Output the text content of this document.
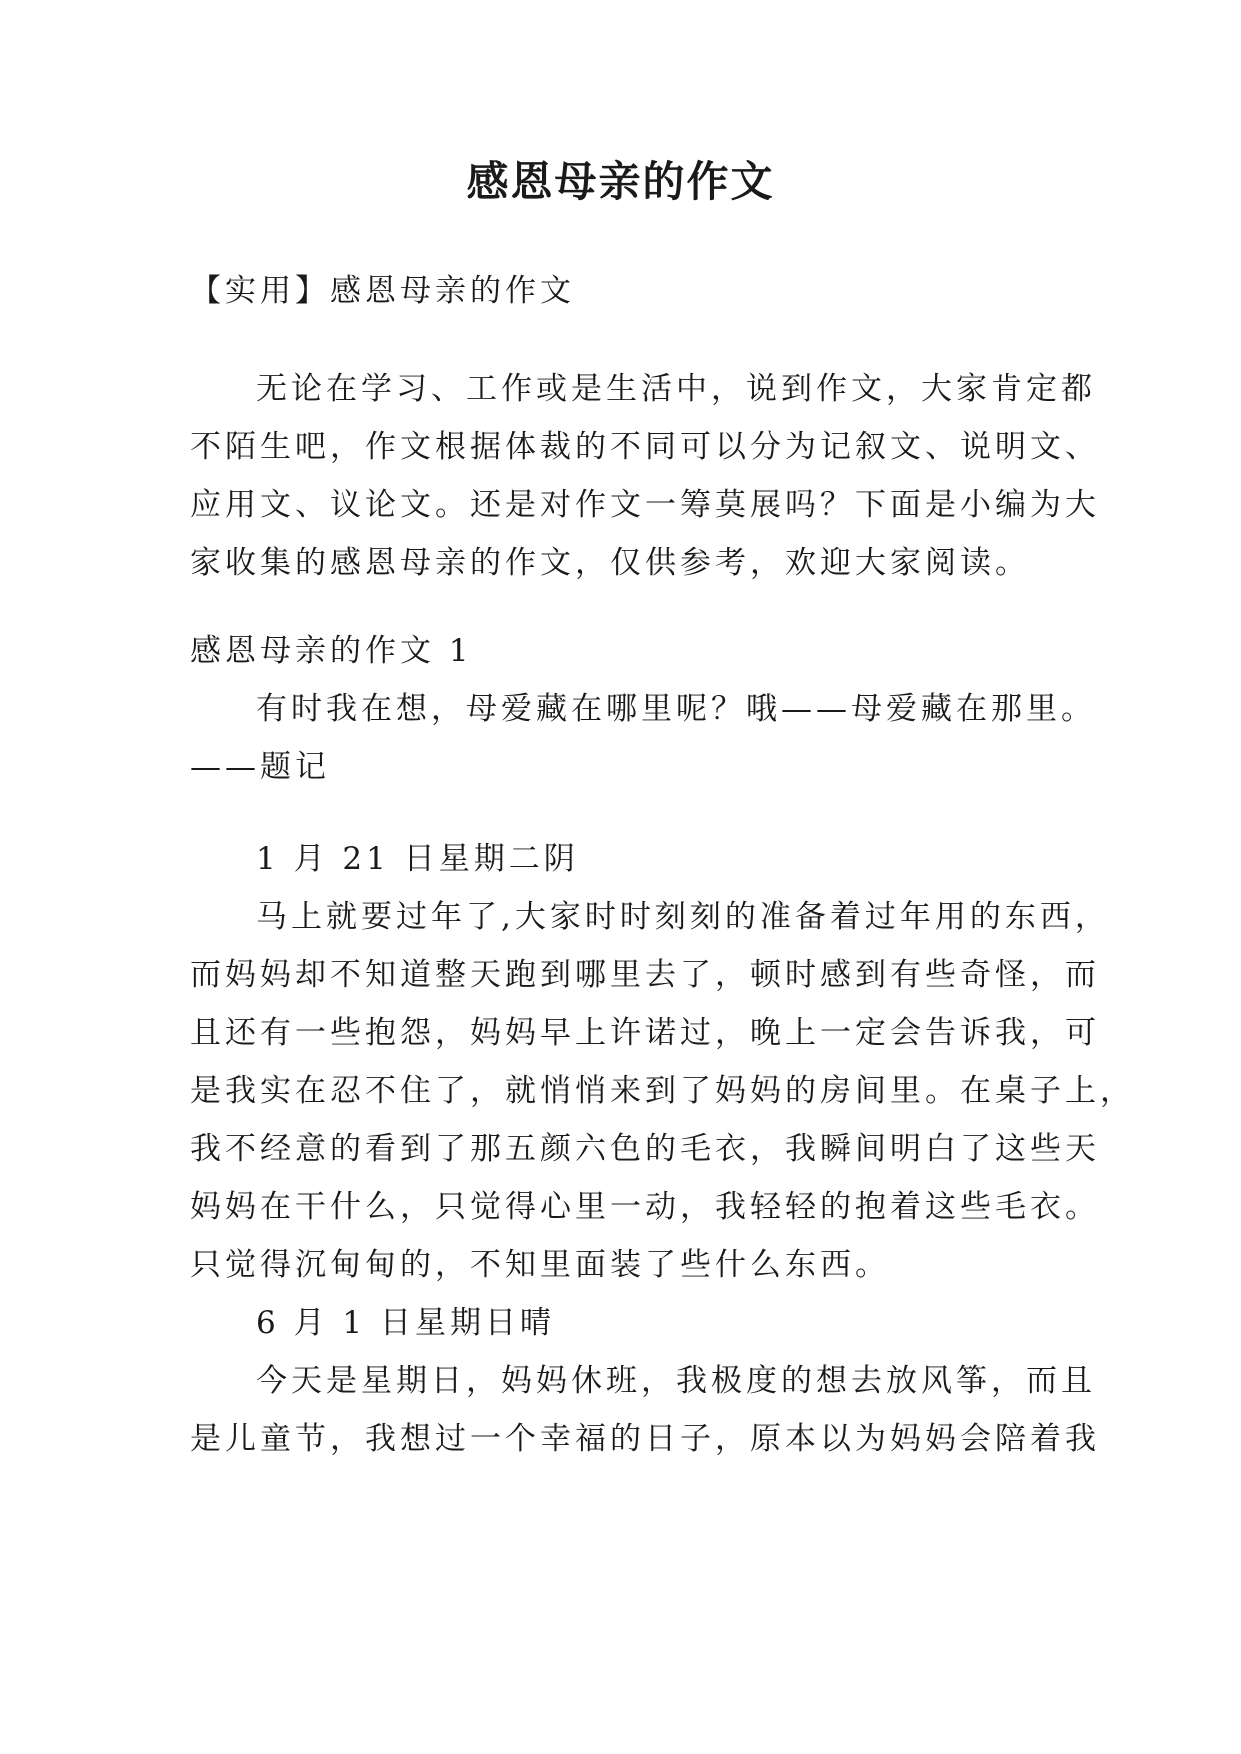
感恩母亲的作文
【实用】感恩母亲的作文
无论在学习、工作或是生活中，说到作文，大家肯定都
不陌生吧，作文根据体裁的不同可以分为记叙文、说明文、
应用文、议论文。还是对作文一筹莫展吗？下面是小编为大
家收集的感恩母亲的作文，仅供参考，欢迎大家阅读。
感恩母亲的作文 1
有时我在想，母爱藏在哪里呢？哦——母爱藏在那里。
——题记
1 月 21 日星期二阴
马上就要过年了,大家时时刻刻的准备着过年用的东西，
而妈妈却不知道整天跑到哪里去了，顿时感到有些奇怪，而
且还有一些抱怨，妈妈早上许诺过，晚上一定会告诉我，可
是我实在忍不住了，就悄悄来到了妈妈的房间里。在桌子上，
我不经意的看到了那五颜六色的毛衣，我瞬间明白了这些天
妈妈在干什么，只觉得心里一动，我轻轻的抱着这些毛衣。
只觉得沉甸甸的，不知里面装了些什么东西。
6 月 1 日星期日晴
今天是星期日，妈妈休班，我极度的想去放风筝，而且
是儿童节，我想过一个幸福的日子，原本以为妈妈会陪着我
